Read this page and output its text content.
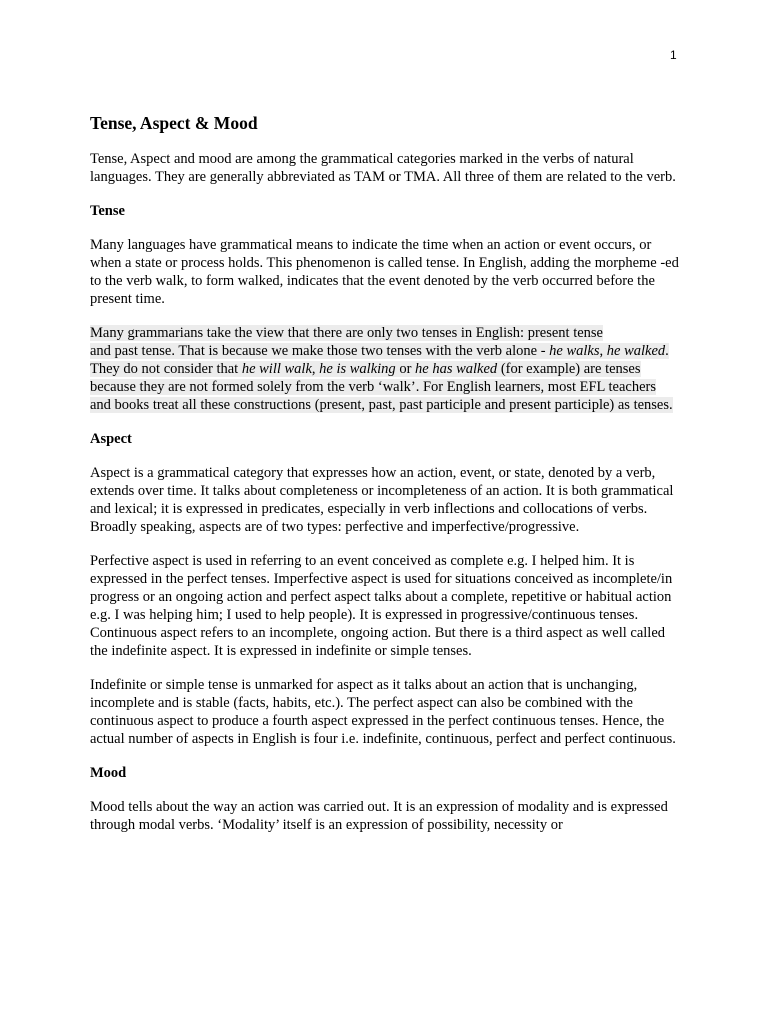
1
Tense, Aspect & Mood

Tense, Aspect and mood are among the grammatical categories marked in the verbs of natural languages. They are generally abbreviated as TAM or TMA. All three of them are related to the verb.

Tense

Many languages have grammatical means to indicate the time when an action or event occurs, or when a state or process holds. This phenomenon is called tense. In English, adding the morpheme -ed to the verb walk, to form walked, indicates that the event denoted by the verb occurred before the present time.

Many grammarians take the view that there are only two tenses in English: present tense
and past tense. That is because we make those two tenses with the verb alone - he walks, he walked. They do not consider that he will walk, he is walking or he has walked (for example) are tenses because they are not formed solely from the verb ‘walk’. For English learners, most EFL teachers and books treat all these constructions (present, past, past participle and present participle) as tenses.

Aspect

Aspect is a grammatical category that expresses how an action, event, or state, denoted by a verb, extends over time. It talks about completeness or incompleteness of an action. It is both grammatical and lexical; it is expressed in predicates, especially in verb inflections and collocations of verbs. Broadly speaking, aspects are of two types: perfective and imperfective/progressive.

Perfective aspect is used in referring to an event conceived as complete e.g. I helped him. It is expressed in the perfect tenses. Imperfective aspect is used for situations conceived as incomplete/in progress or an ongoing action and perfect aspect talks about a complete, repetitive or habitual action e.g. I was helping him; I used to help people). It is expressed in progressive/continuous tenses. Continuous aspect refers to an incomplete, ongoing action. But there is a third aspect as well called the indefinite aspect. It is expressed in indefinite or simple tenses.

Indefinite or simple tense is unmarked for aspect as it talks about an action that is unchanging, incomplete and is stable (facts, habits, etc.). The perfect aspect can also be combined with the continuous aspect to produce a fourth aspect expressed in the perfect continuous tenses. Hence, the actual number of aspects in English is four i.e. indefinite, continuous, perfect and perfect continuous.

Mood

Mood tells about the way an action was carried out. It is an expression of modality and is expressed through modal verbs. ‘Modality’ itself is an expression of possibility, necessity or
